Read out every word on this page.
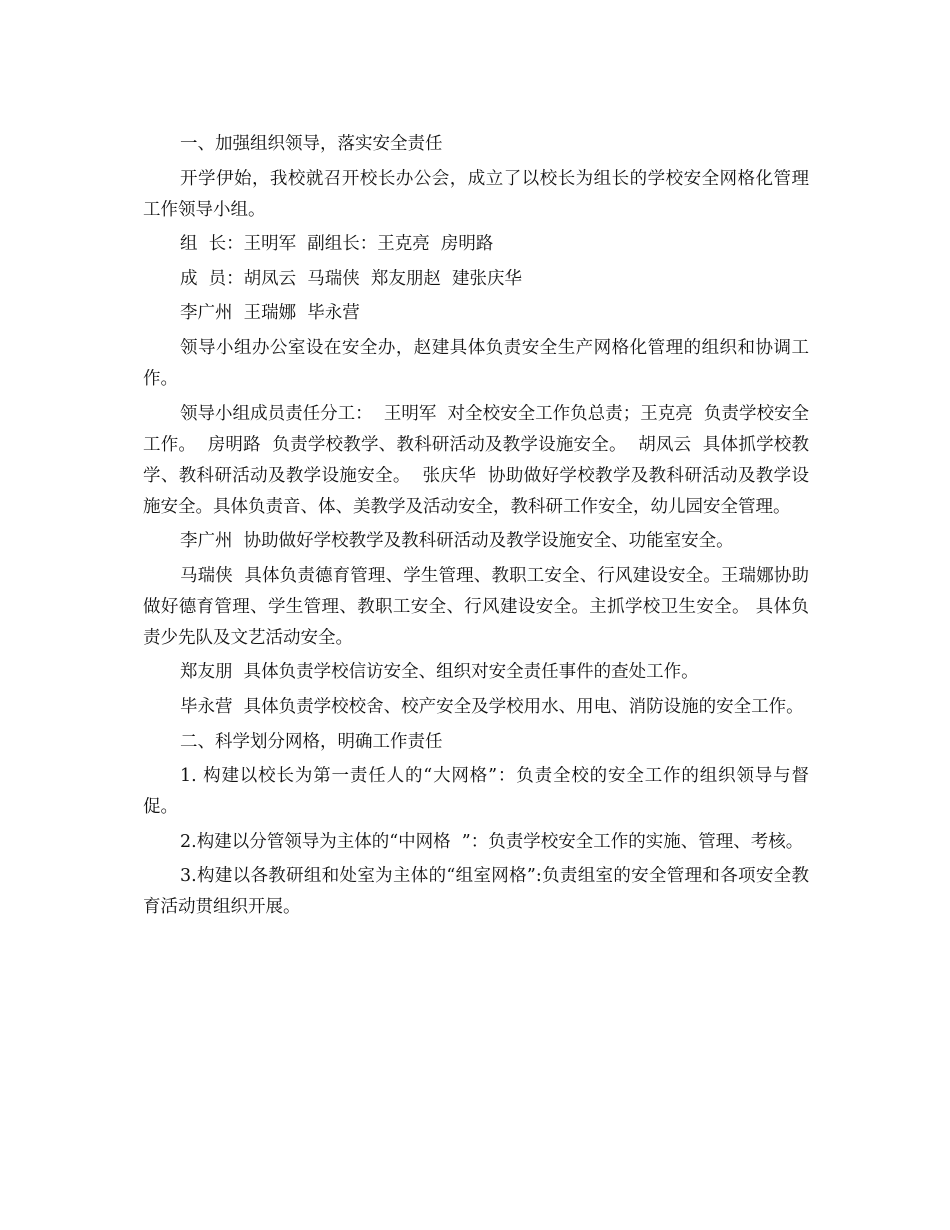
一、加强组织领导，落实安全责任

开学伊始，我校就召开校长办公会，成立了以校长为组长的学校安全网格化管理工作领导小组。

组  长：王明军  副组长：王克亮  房明路

成  员：胡凤云  马瑞侠  郑友朋赵  建张庆华

李广州  王瑞娜  毕永营

领导小组办公室设在安全办，赵建具体负责安全生产网格化管理的组织和协调工作。

领导小组成员责任分工：  王明军  对全校安全工作负总责；王克亮  负责学校安全工作。  房明路  负责学校教学、教科研活动及教学设施安全。  胡凤云  具体抓学校教学、教科研活动及教学设施安全。  张庆华  协助做好学校教学及教科研活动及教学设施安全。具体负责音、体、美教学及活动安全，教科研工作安全，幼儿园安全管理。

李广州  协助做好学校教学及教科研活动及教学设施安全、功能室安全。

马瑞侠  具体负责德育管理、学生管理、教职工安全、行风建设安全。王瑞娜协助做好德育管理、学生管理、教职工安全、行风建设安全。主抓学校卫生安全。 具体负责少先队及文艺活动安全。

郑友朋  具体负责学校信访安全、组织对安全责任事件的查处工作。

毕永营  具体负责学校校舍、校产安全及学校用水、用电、消防设施的安全工作。

二、科学划分网格，明确工作责任

1. 构建以校长为第一责任人的“大网格”：负责全校的安全工作的组织领导与督促。

2.构建以分管领导为主体的“中网格  ”：负责学校安全工作的实施、管理、考核。

3.构建以各教研组和处室为主体的“组室网格”:负责组室的安全管理和各项安全教育活动贯组织开展。
